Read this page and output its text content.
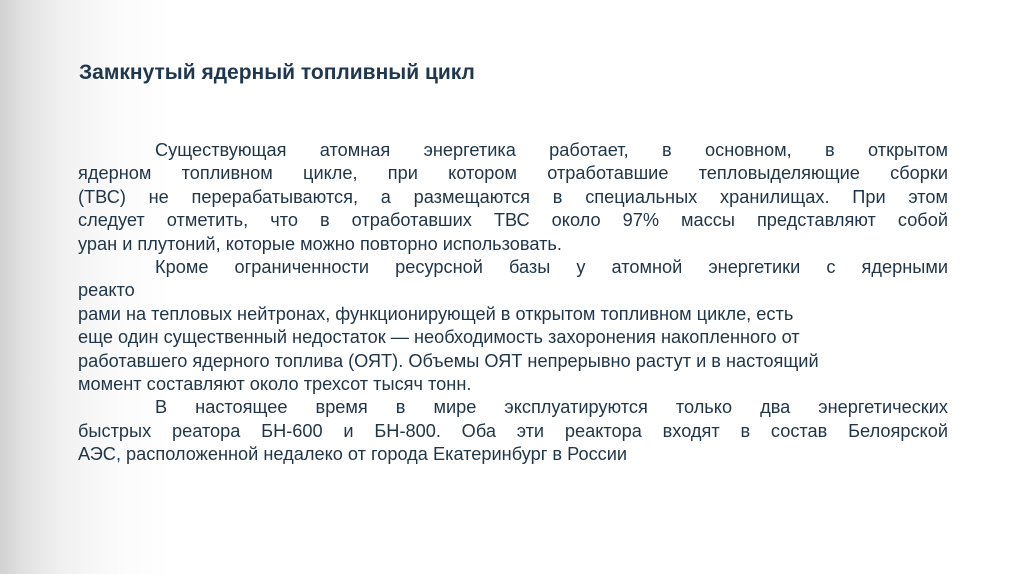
Замкнутый ядерный топливный цикл
Существующая атомная энергетика работает, в основном, в открытом
ядерном топливном цикле, при котором отработавшие тепловыделяющие сборки
(ТВС) не перерабатываются, а размещаются в специальных хранилищах. При этом
следует отметить, что в отработавших ТВС около 97% массы представляют собой
уран и плутоний, которые можно повторно использовать.
Кроме ограниченности ресурсной базы у атомной энергетики с ядерными
реакто
рами на тепловых нейтронах, функционирующей в открытом топливном цикле, есть
еще один существенный недостаток — необходимость захоронения накопленного от
работавшего ядерного топлива (ОЯТ). Объемы ОЯТ непрерывно растут и в настоящий
момент составляют около трехсот тысяч тонн.
В настоящее время в мире эксплуатируются только два энергетических
быстрых реатора БН-600 и БН-800. Оба эти реактора входят в состав Белоярской
АЭС, расположенной недалеко от города Екатеринбург в России
